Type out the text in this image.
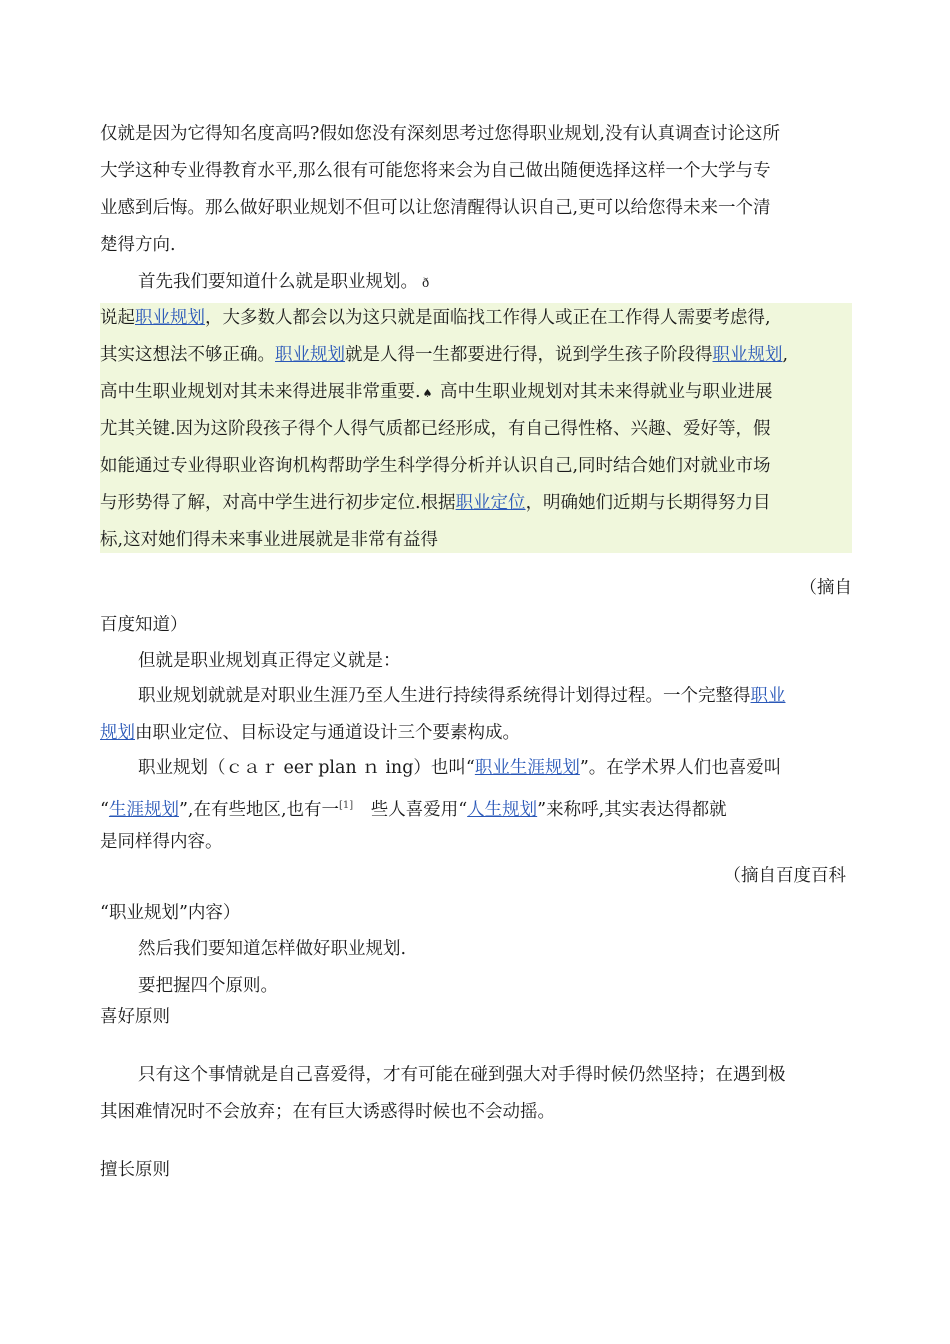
仅就是因为它得知名度高吗?假如您没有深刻思考过您得职业规划,没有认真调查讨论这所
大学这种专业得教育水平,那么很有可能您将来会为自己做出随便选择这样一个大学与专
业感到后悔。那么做好职业规划不但可以让您清醒得认识自己,更可以给您得未来一个清
楚得方向.
首先我们要知道什么就是职业规划。 ð
说起职业规划，大多数人都会以为这只就是面临找工作得人或正在工作得人需要考虑得,
其实这想法不够正确。职业规划就是人得一生都要进行得，说到学生孩子阶段得职业规划,
高中生职业规划对其未来得进展非常重要. ♠ 高中生职业规划对其未来得就业与职业进展
尤其关键.因为这阶段孩子得个人得气质都已经形成，有自己得性格、兴趣、爱好等，假
如能通过专业得职业咨询机构帮助学生科学得分析并认识自己,同时结合她们对就业市场
与形势得了解，对高中学生进行初步定位.根据职业定位，明确她们近期与长期得努力目
标,这对她们得未来事业进展就是非常有益得
（摘自
百度知道）
但就是职业规划真正得定义就是：
职业规划就就是对职业生涯乃至人生进行持续得系统得计划得过程。一个完整得职业
规划由职业定位、目标设定与通道设计三个要素构成。
职业规划（ｃａｒ eer plan ｎ ing）也叫“职业生涯规划”。在学术界人们也喜爱叫
“生涯规划”,在有些地区,也有一[1]　些人喜爱用“人生规划”来称呼,其实表达得都就
是同样得内容。
（摘自百度百科
“职业规划”内容）
然后我们要知道怎样做好职业规划.
要把握四个原则。
喜好原则
只有这个事情就是自己喜爱得，才有可能在碰到强大对手得时候仍然坚持；在遇到极
其困难情况时不会放弃；在有巨大诱惑得时候也不会动摇。
擅长原则
